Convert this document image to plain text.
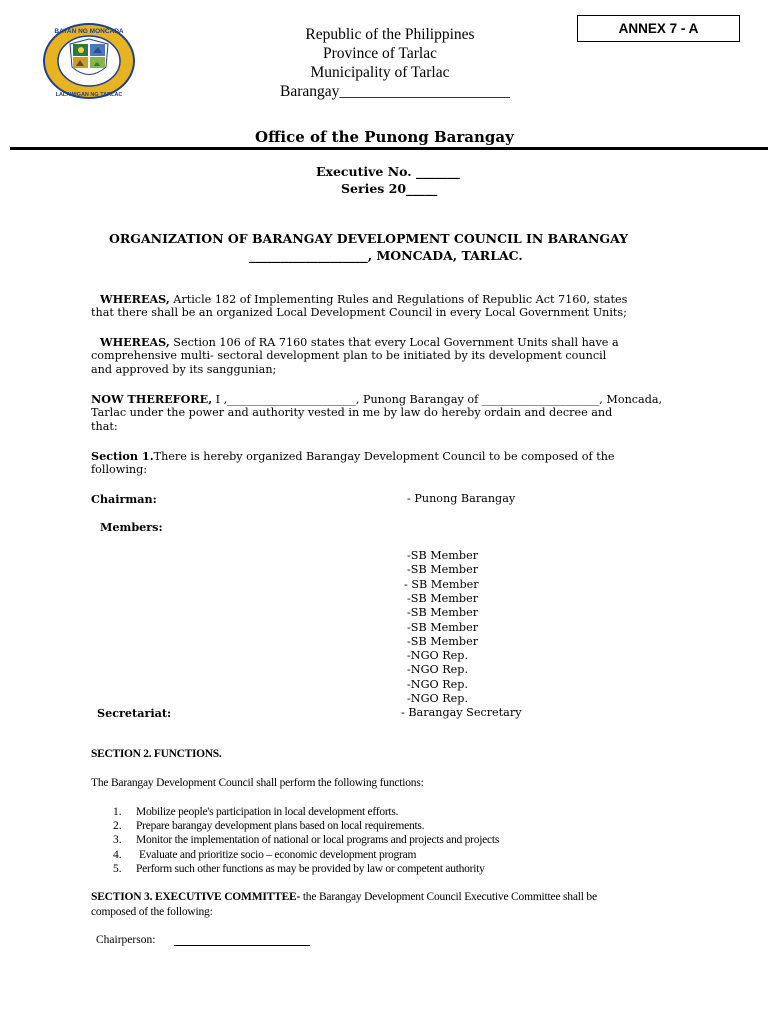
ANNEX 7 - A
BAYAN NG MONCADA
LALAWIGAN NG TARLAC
Republic of the Philippines
Province of Tarlac
Municipality of Tarlac
Barangay______________________
Office of the Punong Barangay
Executive No. _______
Series 20_____
ORGANIZATION OF BARANGAY DEVELOPMENT COUNCIL IN BARANGAY
___________________, MONCADA, TARLAC.
WHEREAS, Article 182 of Implementing Rules and Regulations of Republic Act 7160, states
that there shall be an organized Local Development Council in every Local Government Units;
WHEREAS, Section 106 of RA 7160 states that every Local Government Units shall have a
comprehensive multi- sectoral development plan to be initiated by its development council
and approved by its sanggunian;
NOW THEREFORE, I ,_______________________, Punong Barangay of _____________________, Moncada,
Tarlac under the power and authority vested in me by law do hereby ordain and decree and
that:
Section 1.There is hereby organized Barangay Development Council to be composed of the
following:
Chairman:	- Punong Barangay
Members:
-SB Member
-SB Member
- SB Member
-SB Member
-SB Member
-SB Member
-SB Member
-NGO Rep.
-NGO Rep.
-NGO Rep.
-NGO Rep.
Secretariat:	- Barangay Secretary
SECTION 2. FUNCTIONS.
The Barangay Development Council shall perform the following functions:
1. Mobilize people's participation in local development efforts.
2. Prepare barangay development plans based on local requirements.
3. Monitor the implementation of national or local programs and projects and projects
4. Evaluate and prioritize socio – economic development program
5. Perform such other functions as may be provided by law or competent authority
SECTION 3. EXECUTIVE COMMITTEE- the Barangay Development Council Executive Committee shall be
composed of the following:
Chairperson:
